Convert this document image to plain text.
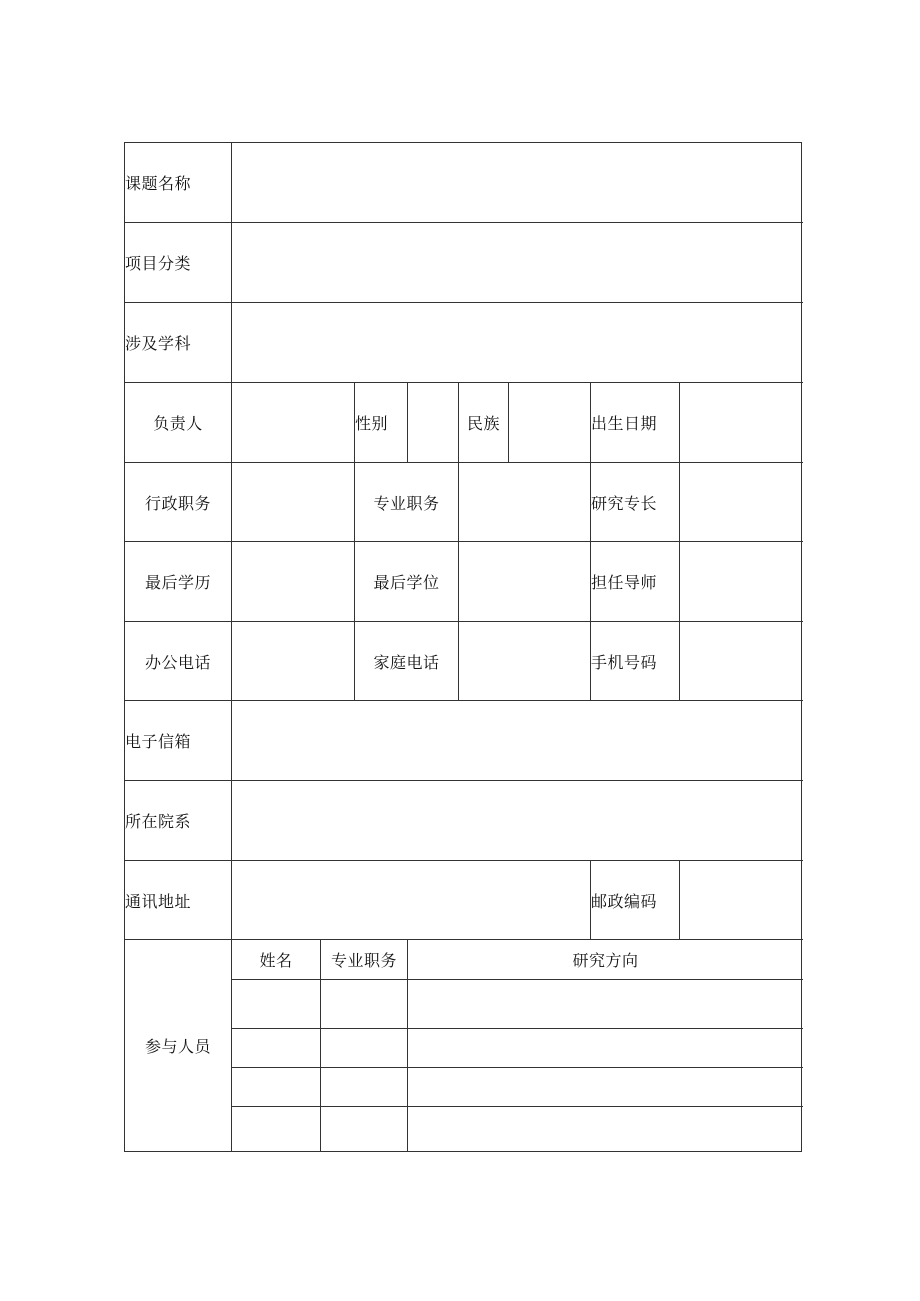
课题名称
项目分类
涉及学科
负责人	性别	民族	出生日期
行政职务	专业职务	研究专长
最后学历	最后学位	担任导师
办公电话	家庭电话	手机号码
电子信箱
所在院系
通讯地址	邮政编码
参与人员
姓名	专业职务	研究方向
